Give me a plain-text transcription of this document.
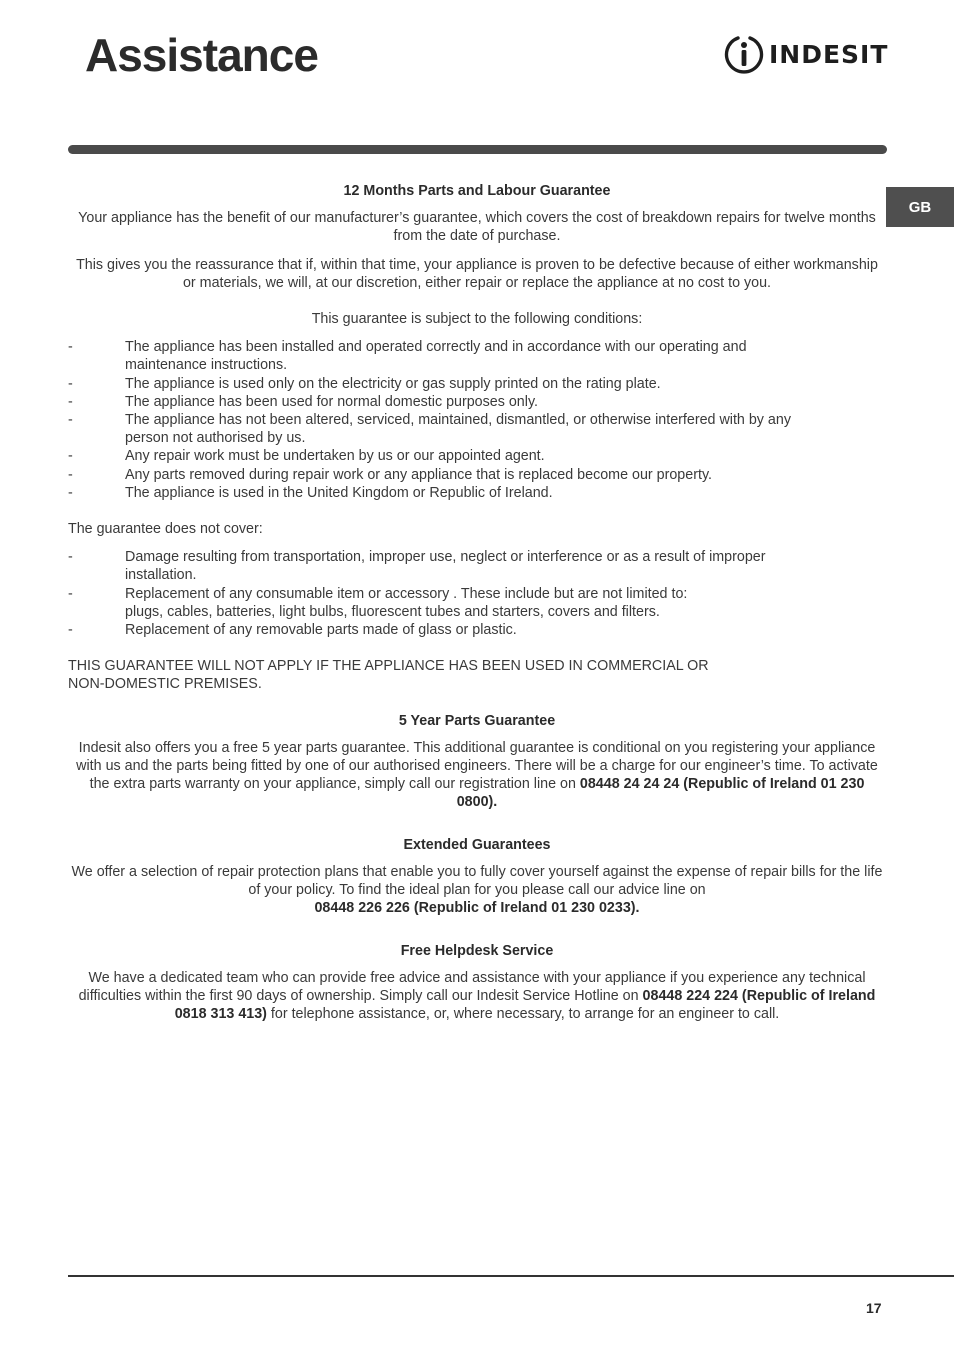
Assistance	INDESIT
GB

12 Months Parts and Labour Guarantee

Your appliance has the benefit of our manufacturer’s guarantee, which covers the cost of breakdown repairs for twelve months from the date of purchase.

This gives you the reassurance that if, within that time, your appliance is proven to be defective because of either workmanship or materials, we will, at our discretion, either repair or replace the appliance at no cost to you.

This guarantee is subject to the following conditions:

-	The appliance has been installed and operated correctly and in accordance with our operating and maintenance instructions.
-	The appliance is used only on the electricity or gas supply printed on the rating plate.
-	The appliance has been used for normal domestic purposes only.
-	The appliance has not been altered, serviced, maintained, dismantled, or otherwise interfered with by any person not authorised by us.
-	Any repair work must be undertaken by us or our appointed agent.
-	Any parts removed during repair work or any appliance that is replaced become our property.
-	The appliance is used in the United Kingdom or Republic of Ireland.

The guarantee does not cover:

-	Damage resulting from transportation, improper use, neglect or interference or as a result of improper installation.
-	Replacement of any consumable item or accessory . These include but are not limited to:
plugs, cables, batteries, light bulbs, fluorescent tubes and starters, covers and filters.
-	Replacement of any removable parts made of glass or plastic.

THIS GUARANTEE WILL NOT APPLY IF THE APPLIANCE HAS BEEN USED IN COMMERCIAL OR
NON-DOMESTIC PREMISES.

5 Year Parts Guarantee

Indesit also offers you a free 5 year parts guarantee. This additional guarantee is conditional on you registering your appliance with us and the parts being fitted by one of our authorised engineers. There will be a charge for our engineer’s time. To activate the extra parts warranty on your appliance, simply call our registration line on 08448 24 24 24 (Republic of Ireland 01 230 0800).

Extended Guarantees

We offer a selection of repair protection plans that enable you to fully cover yourself against the expense of repair bills for the life of your policy. To find the ideal plan for you please call our advice line on
08448 226 226 (Republic of Ireland 01 230 0233).

Free Helpdesk Service

We have a dedicated team who can provide free advice and assistance with your appliance if you experience any technical difficulties within the first 90 days of ownership. Simply call our Indesit Service Hotline on 08448 224 224 (Republic of Ireland 0818 313 413) for telephone assistance, or, where necessary, to arrange for an engineer to call.

17
